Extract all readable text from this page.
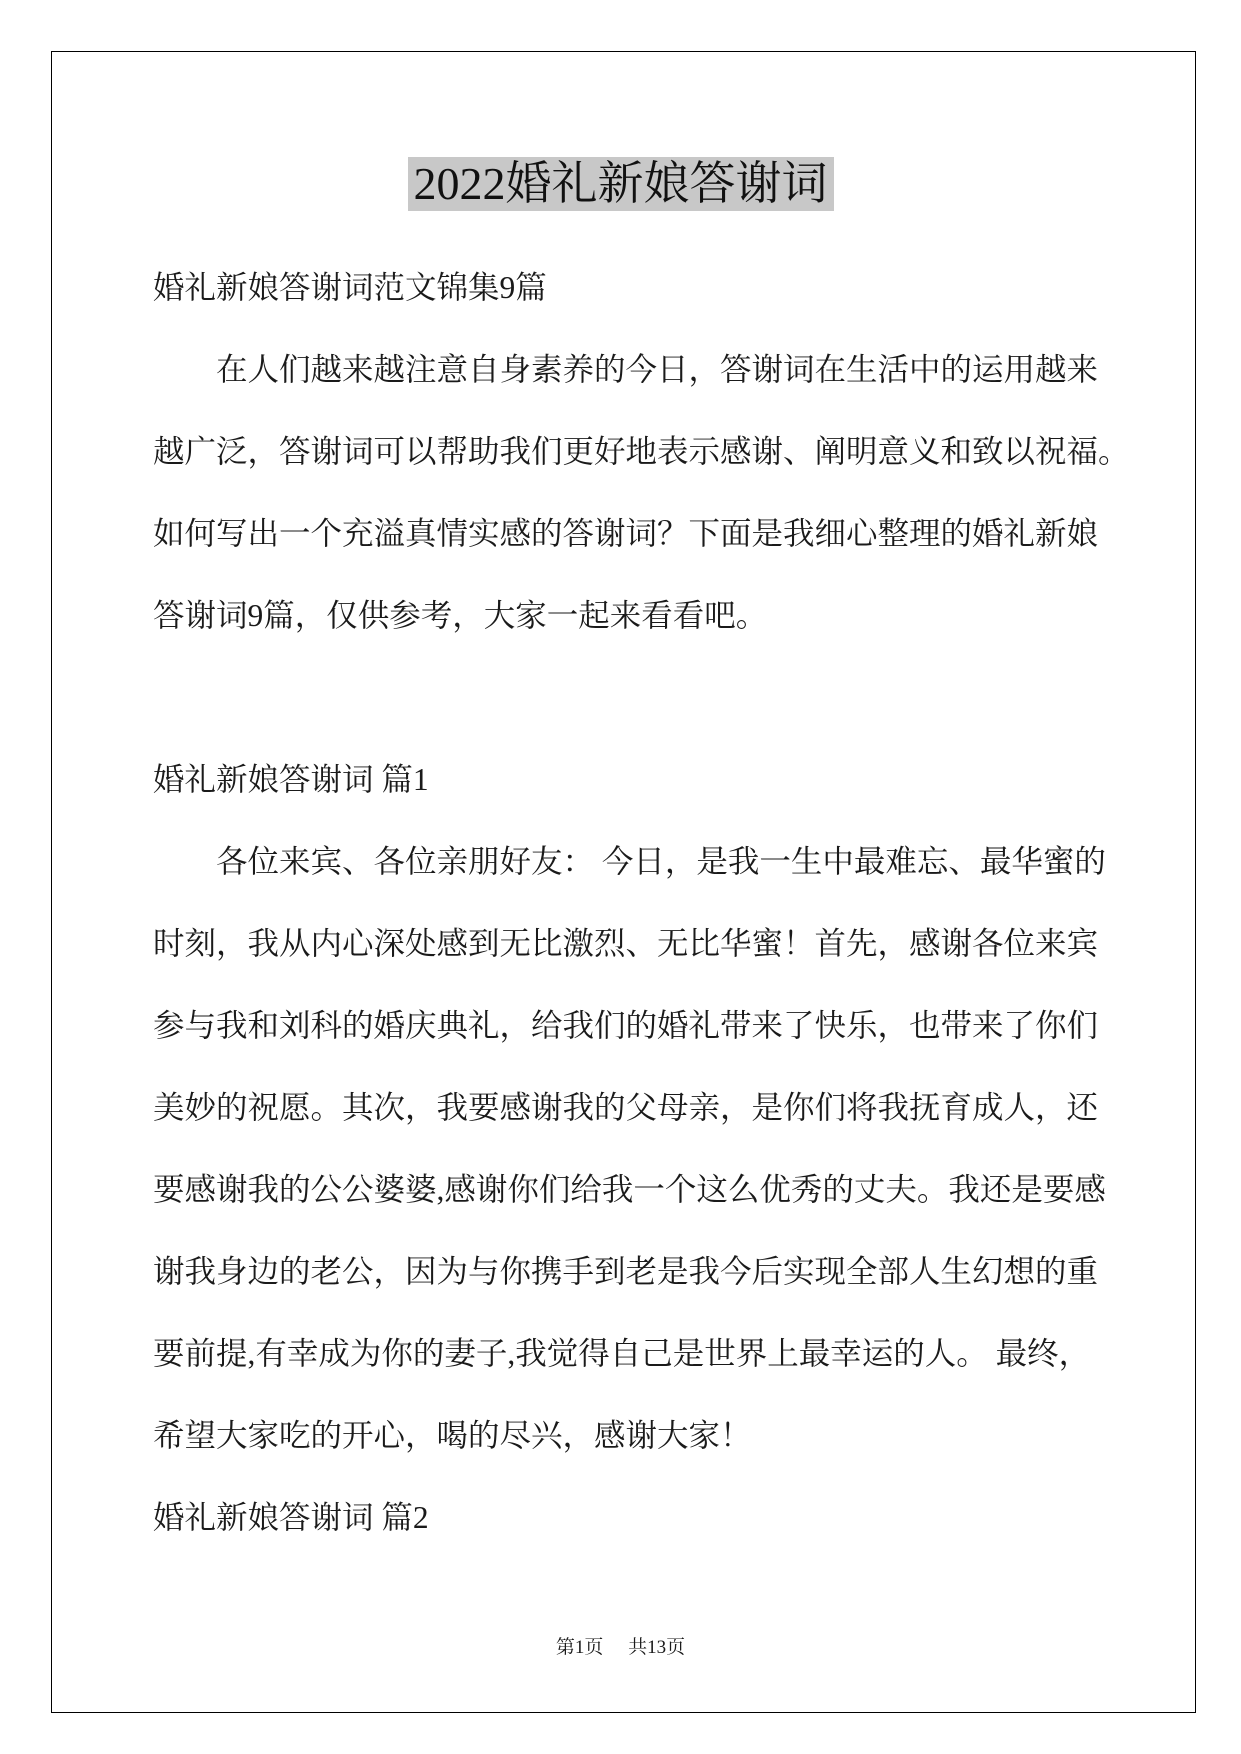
2022婚礼新娘答谢词
婚礼新娘答谢词范文锦集9篇
在人们越来越注意自身素养的今日，答谢词在生活中的运用越来
越广泛，答谢词可以帮助我们更好地表示感谢、阐明意义和致以祝福。
如何写出一个充溢真情实感的答谢词？下面是我细心整理的婚礼新娘
答谢词9篇，仅供参考，大家一起来看看吧。
婚礼新娘答谢词 篇1
各位来宾、各位亲朋好友： 今日，是我一生中最难忘、最华蜜的
时刻，我从内心深处感到无比激烈、无比华蜜！首先，感谢各位来宾
参与我和刘科的婚庆典礼，给我们的婚礼带来了快乐，也带来了你们
美妙的祝愿。其次，我要感谢我的父母亲，是你们将我抚育成人，还
要感谢我的公公婆婆,感谢你们给我一个这么优秀的丈夫。我还是要感
谢我身边的老公，因为与你携手到老是我今后实现全部人生幻想的重
要前提,有幸成为你的妻子,我觉得自己是世界上最幸运的人。 最终，
希望大家吃的开心，喝的尽兴，感谢大家！
婚礼新娘答谢词 篇2
第1页 共13页
